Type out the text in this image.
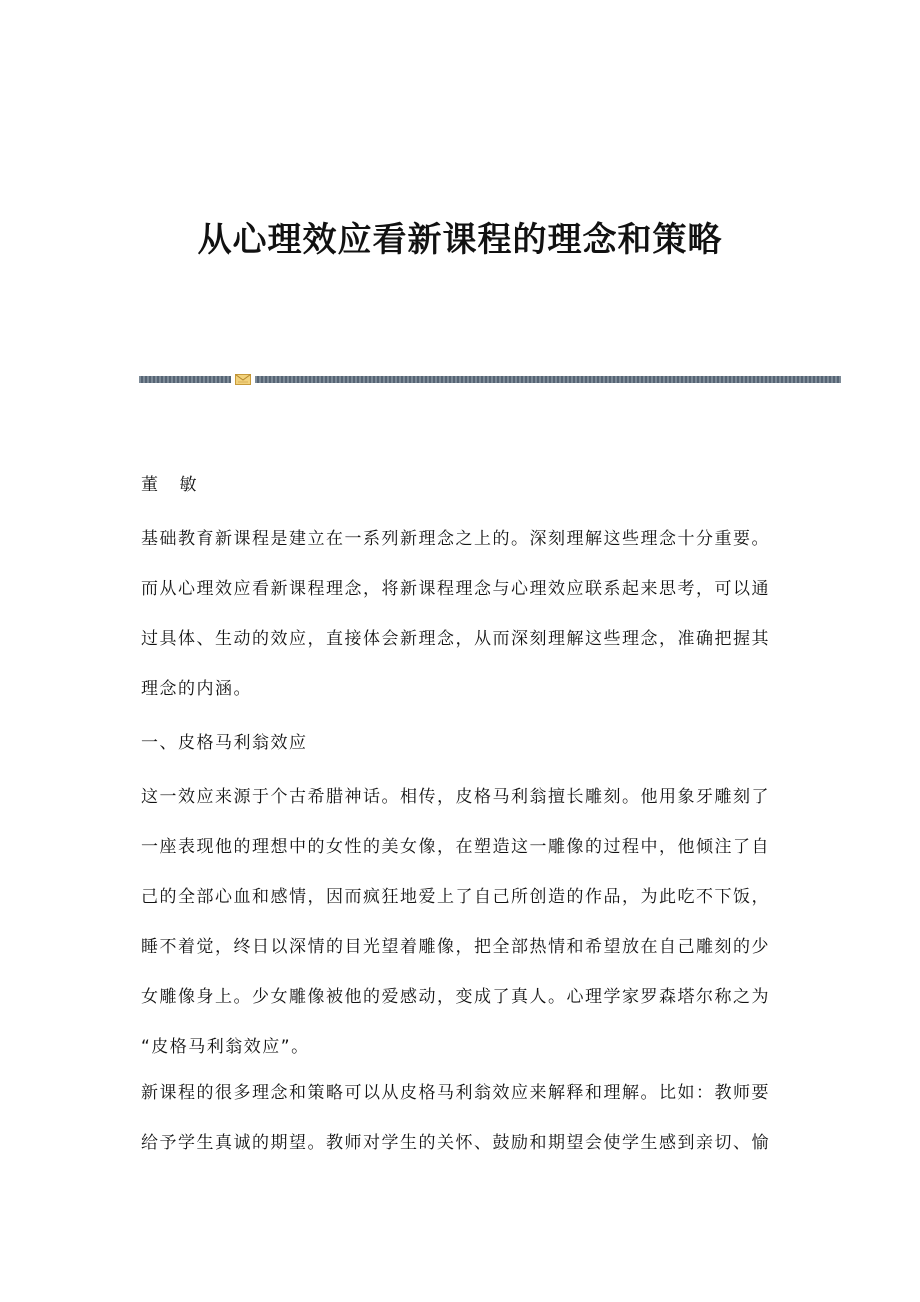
从心理效应看新课程的理念和策略
董 敏
基础教育新课程是建立在一系列新理念之上的。深刻理解这些理念十分重要。
而从心理效应看新课程理念，将新课程理念与心理效应联系起来思考，可以通
过具体、生动的效应，直接体会新理念，从而深刻理解这些理念，准确把握其
理念的内涵。
一、皮格马利翁效应
这一效应来源于个古希腊神话。相传，皮格马利翁擅长雕刻。他用象牙雕刻了
一座表现他的理想中的女性的美女像，在塑造这一雕像的过程中，他倾注了自
己的全部心血和感情，因而疯狂地爱上了自己所创造的作品，为此吃不下饭，
睡不着觉，终日以深情的目光望着雕像，把全部热情和希望放在自己雕刻的少
女雕像身上。少女雕像被他的爱感动，变成了真人。心理学家罗森塔尔称之为
“皮格马利翁效应”。
新课程的很多理念和策略可以从皮格马利翁效应来解释和理解。比如：教师要
给予学生真诚的期望。教师对学生的关怀、鼓励和期望会使学生感到亲切、愉
